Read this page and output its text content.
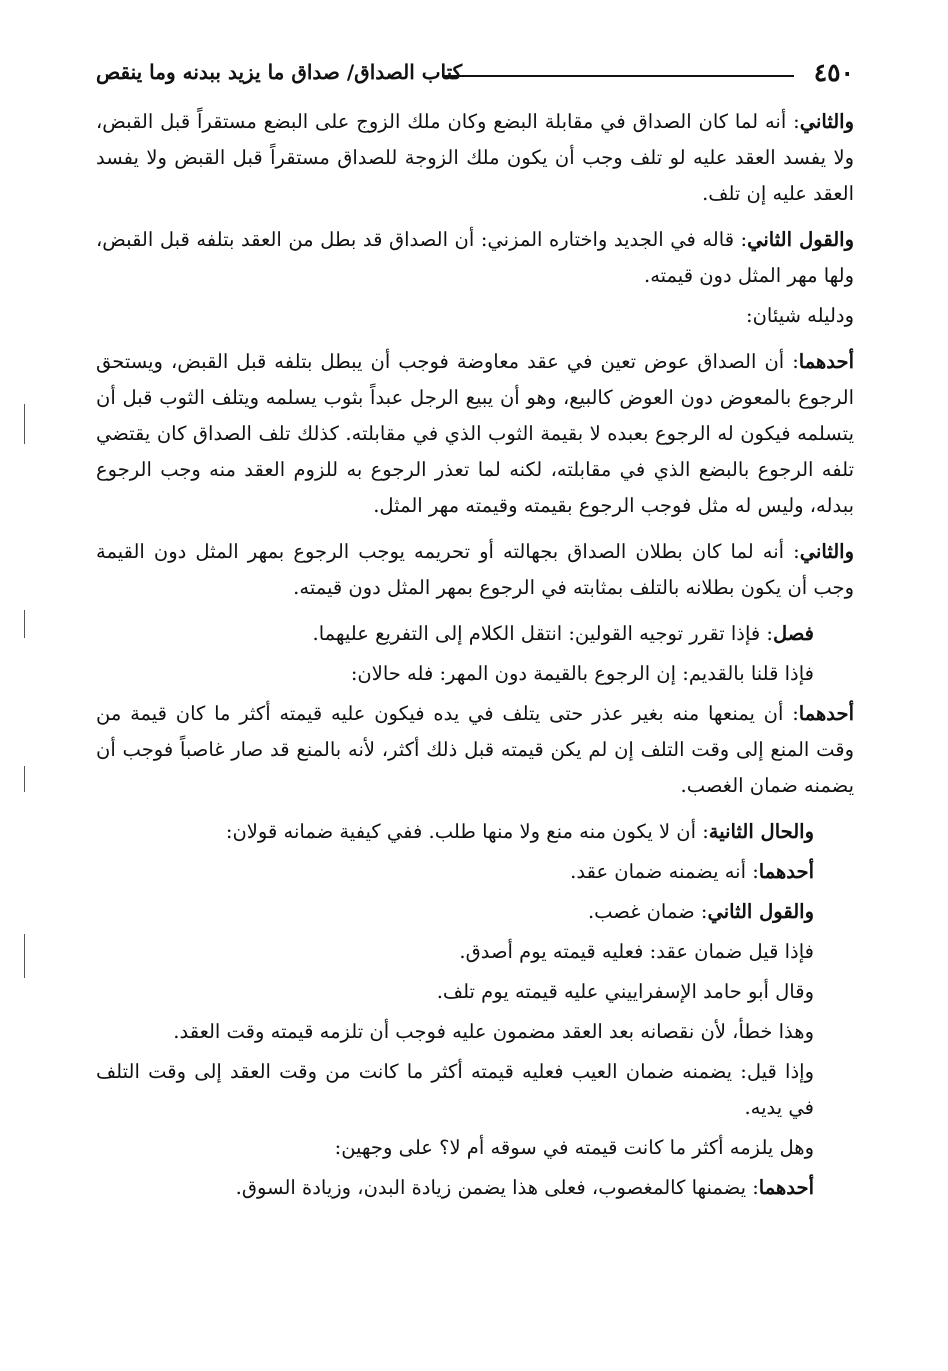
٤٥٠
كتاب الصداق/ صداق ما يزيد ببدنه وما ينقص

والثاني: أنه لما كان الصداق في مقابلة البضع وكان ملك الزوج على البضع مستقراً قبل القبض، ولا يفسد العقد عليه لو تلف وجب أن يكون ملك الزوجة للصداق مستقراً قبل القبض ولا يفسد العقد عليه إن تلف.

والقول الثاني: قاله في الجديد واختاره المزني: أن الصداق قد بطل من العقد بتلفه قبل القبض، ولها مهر المثل دون قيمته.

ودليله شيئان:

أحدهما: أن الصداق عوض تعين في عقد معاوضة فوجب أن يبطل بتلفه قبل القبض، ويستحق الرجوع بالمعوض دون العوض كالبيع، وهو أن يبيع الرجل عبداً بثوب يسلمه ويتلف الثوب قبل أن يتسلمه فيكون له الرجوع بعبده لا بقيمة الثوب الذي في مقابلته. كذلك تلف الصداق كان يقتضي تلفه الرجوع بالبضع الذي في مقابلته، لكنه لما تعذر الرجوع به للزوم العقد منه وجب الرجوع ببدله، وليس له مثل فوجب الرجوع بقيمته وقيمته مهر المثل.

والثاني: أنه لما كان بطلان الصداق بجهالته أو تحريمه يوجب الرجوع بمهر المثل دون القيمة وجب أن يكون بطلانه بالتلف بمثابته في الرجوع بمهر المثل دون قيمته.

فصل: فإذا تقرر توجيه القولين: انتقل الكلام إلى التفريع عليهما.

فإذا قلنا بالقديم: إن الرجوع بالقيمة دون المهر: فله حالان:

أحدهما: أن يمنعها منه بغير عذر حتى يتلف في يده فيكون عليه قيمته أكثر ما كان قيمة من وقت المنع إلى وقت التلف إن لم يكن قيمته قبل ذلك أكثر، لأنه بالمنع قد صار غاصباً فوجب أن يضمنه ضمان الغصب.

والحال الثانية: أن لا يكون منه منع ولا منها طلب. ففي كيفية ضمانه قولان:

أحدهما: أنه يضمنه ضمان عقد.

والقول الثاني: ضمان غصب.

فإذا قيل ضمان عقد: فعليه قيمته يوم أصدق.

وقال أبو حامد الإسفراييني عليه قيمته يوم تلف.

وهذا خطأ، لأن نقصانه بعد العقد مضمون عليه فوجب أن تلزمه قيمته وقت العقد.

وإذا قيل: يضمنه ضمان العيب فعليه قيمته أكثر ما كانت من وقت العقد إلى وقت التلف في يديه.

وهل يلزمه أكثر ما كانت قيمته في سوقه أم لا؟ على وجهين:

أحدهما: يضمنها كالمغصوب، فعلى هذا يضمن زيادة البدن، وزيادة السوق.
